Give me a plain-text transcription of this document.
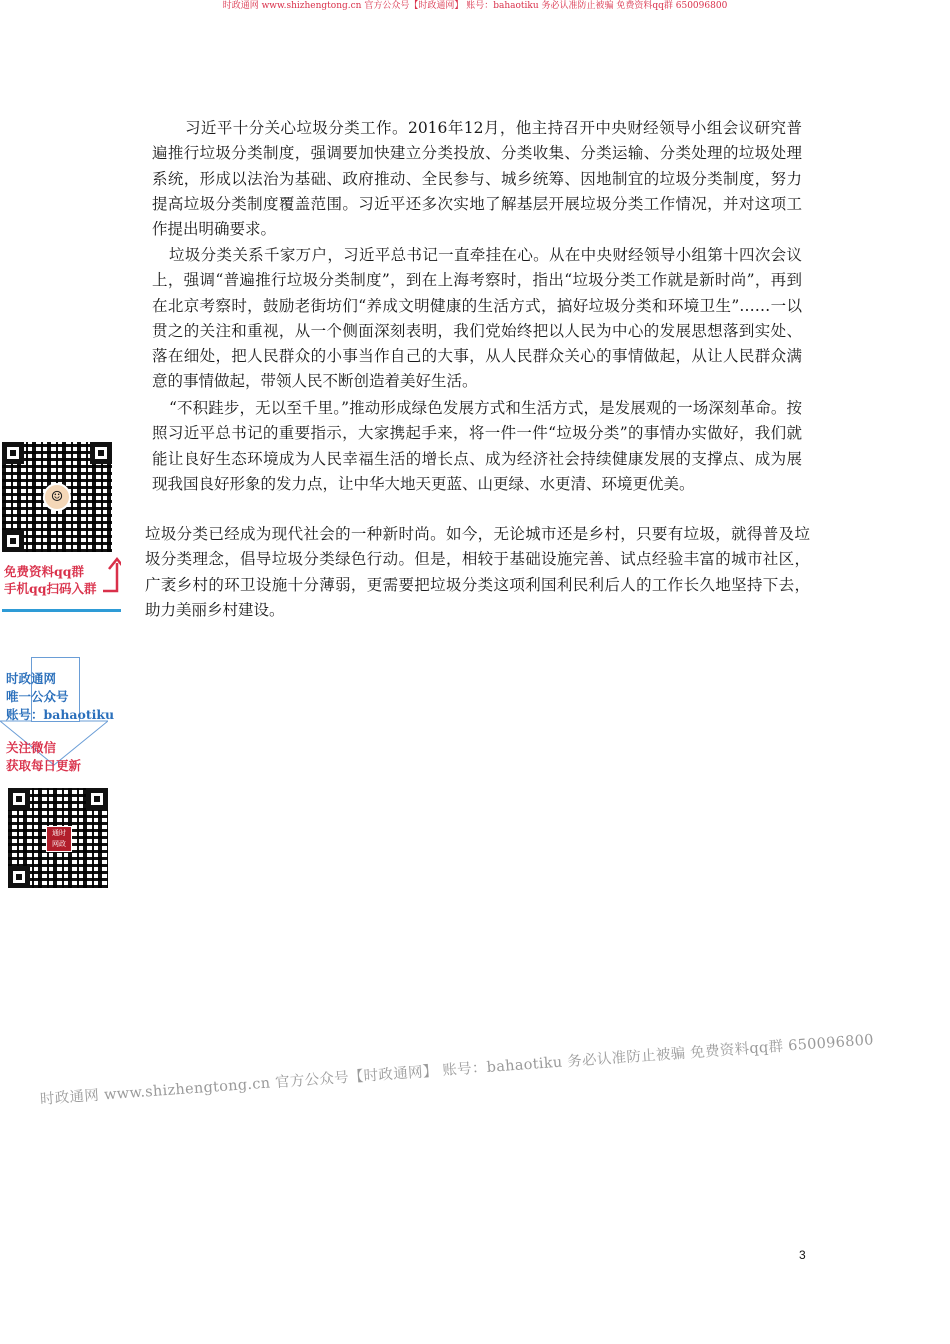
时政通网 www.shizhengtong.cn 官方公众号【时政通网】 账号：bahaotiku 务必认准防止被骗 免费资料qq群 650096800

习近平十分关心垃圾分类工作。2016年12月，他主持召开中央财经领导小组会议研究普遍推行垃圾分类制度，强调要加快建立分类投放、分类收集、分类运输、分类处理的垃圾处理系统，形成以法治为基础、政府推动、全民参与、城乡统筹、因地制宜的垃圾分类制度，努力提高垃圾分类制度覆盖范围。习近平还多次实地了解基层开展垃圾分类工作情况，并对这项工作提出明确要求。

垃圾分类关系千家万户，习近平总书记一直牵挂在心。从在中央财经领导小组第十四次会议上，强调“普遍推行垃圾分类制度”，到在上海考察时，指出“垃圾分类工作就是新时尚”，再到在北京考察时，鼓励老街坊们“养成文明健康的生活方式，搞好垃圾分类和环境卫生”……一以贯之的关注和重视，从一个侧面深刻表明，我们党始终把以人民为中心的发展思想落到实处、落在细处，把人民群众的小事当作自己的大事，从人民群众关心的事情做起，从让人民群众满意的事情做起，带领人民不断创造着美好生活。

“不积跬步，无以至千里。”推动形成绿色发展方式和生活方式，是发展观的一场深刻革命。按照习近平总书记的重要指示，大家携起手来，将一件一件“垃圾分类”的事情办实做好，我们就能让良好生态环境成为人民幸福生活的增长点、成为经济社会持续健康发展的支撑点、成为展现我国良好形象的发力点，让中华大地天更蓝、山更绿、水更清、环境更优美。

垃圾分类已经成为现代社会的一种新时尚。如今，无论城市还是乡村，只要有垃圾，就得普及垃圾分类理念，倡导垃圾分类绿色行动。但是，相较于基础设施完善、试点经验丰富的城市社区，广袤乡村的环卫设施十分薄弱，更需要把垃圾分类这项利国利民利后人的工作长久地坚持下去，助力美丽乡村建设。

☺
免费资料qq群
手机qq扫码入群
时政通网
唯一公众号
账号：bahaotiku
关注微信
获取每日更新
通时
网政
时政通网 www.shizhengtong.cn 官方公众号【时政通网】 账号：bahaotiku 务必认准防止被骗 免费资料qq群 650096800
3
